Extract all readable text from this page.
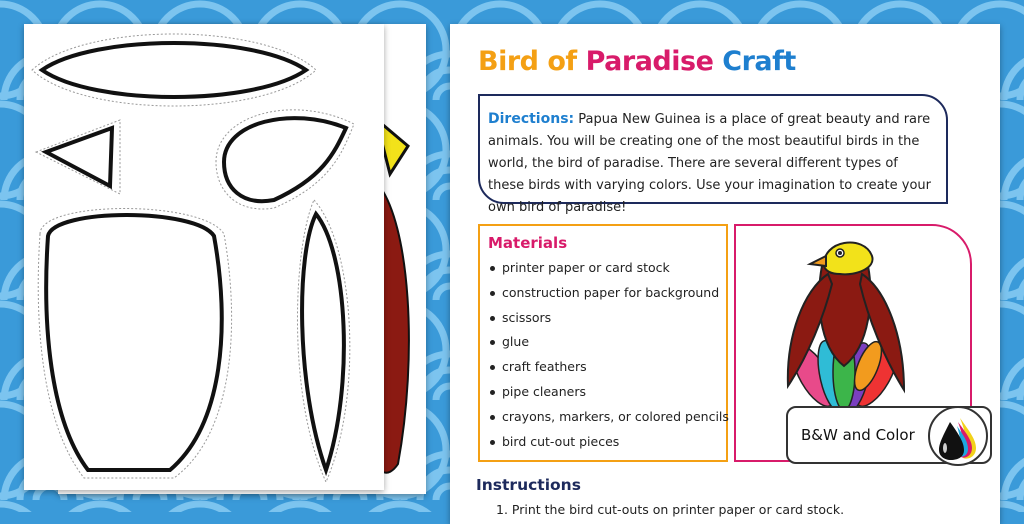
·
Bird of Paradise Craft
Directions: Papua New Guinea is a place of great beauty and rare animals. You will be creating one of the most beautiful birds in the world, the bird of paradise. There are several different types of these birds with varying colors. Use your imagination to create your own bird of paradise!
Materials
printer paper or card stock
construction paper for background
scissors
glue
craft feathers
pipe cleaners
crayons, markers, or colored pencils
bird cut-out pieces
Instructions
1. Print the bird cut-outs on printer paper or card stock.
B&W and Color
